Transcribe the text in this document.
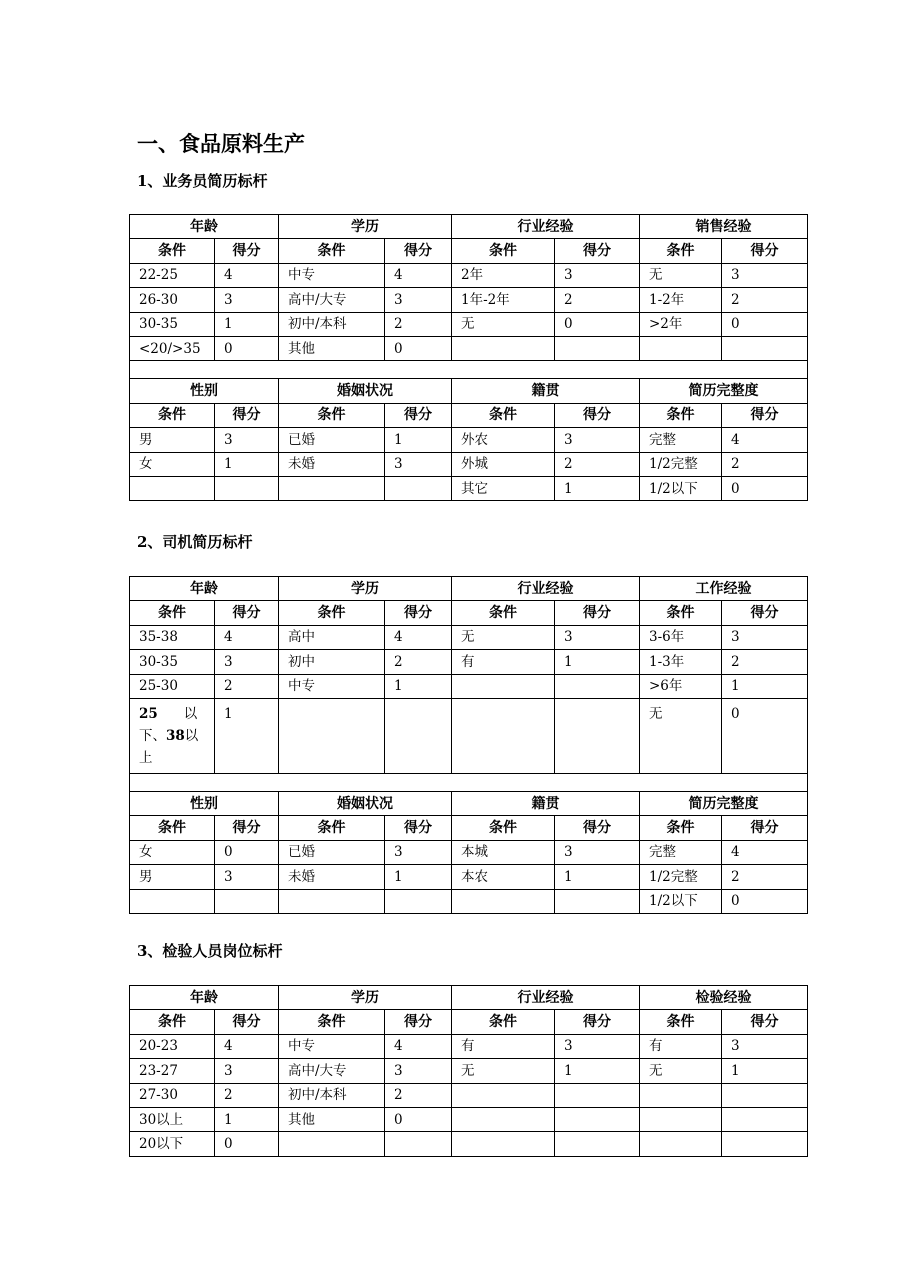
一、食品原料生产
1、业务员简历标杆
年龄		学历		行业经验		销售经验	
条件	得分	条件	得分	条件	得分	条件	得分
22-25	4	中专	4	2年	3	无	3
26-30	3	高中/大专	3	1年-2年	2	1-2年	2
30-35	1	初中/本科	2	无	0	>2年	0
<20/>35	0	其他	0				

性别		婚姻状况		籍贯		简历完整度	
条件	得分	条件	得分	条件	得分	条件	得分
男	3	已婚	1	外农	3	完整	4
女	1	未婚	3	外城	2	1/2完整	2
				其它	1	1/2以下	0
2、司机简历标杆
年龄		学历		行业经验		工作经验	
条件	得分	条件	得分	条件	得分	条件	得分
35-38	4	高中	4	无	3	3-6年	3
30-35	3	初中	2	有	1	1-3年	2
25-30	2	中专	1			>6年	1
25 以
下、38以
上	1					无	0

性别		婚姻状况		籍贯		简历完整度	
条件	得分	条件	得分	条件	得分	条件	得分
女	0	已婚	3	本城	3	完整	4
男	3	未婚	1	本农	1	1/2完整	2
						1/2以下	0
3、检验人员岗位标杆
年龄		学历		行业经验		检验经验	
条件	得分	条件	得分	条件	得分	条件	得分
20-23	4	中专	4	有	3	有	3
23-27	3	高中/大专	3	无	1	无	1
27-30	2	初中/本科	2				
30以上	1	其他	0				
20以下	0						
